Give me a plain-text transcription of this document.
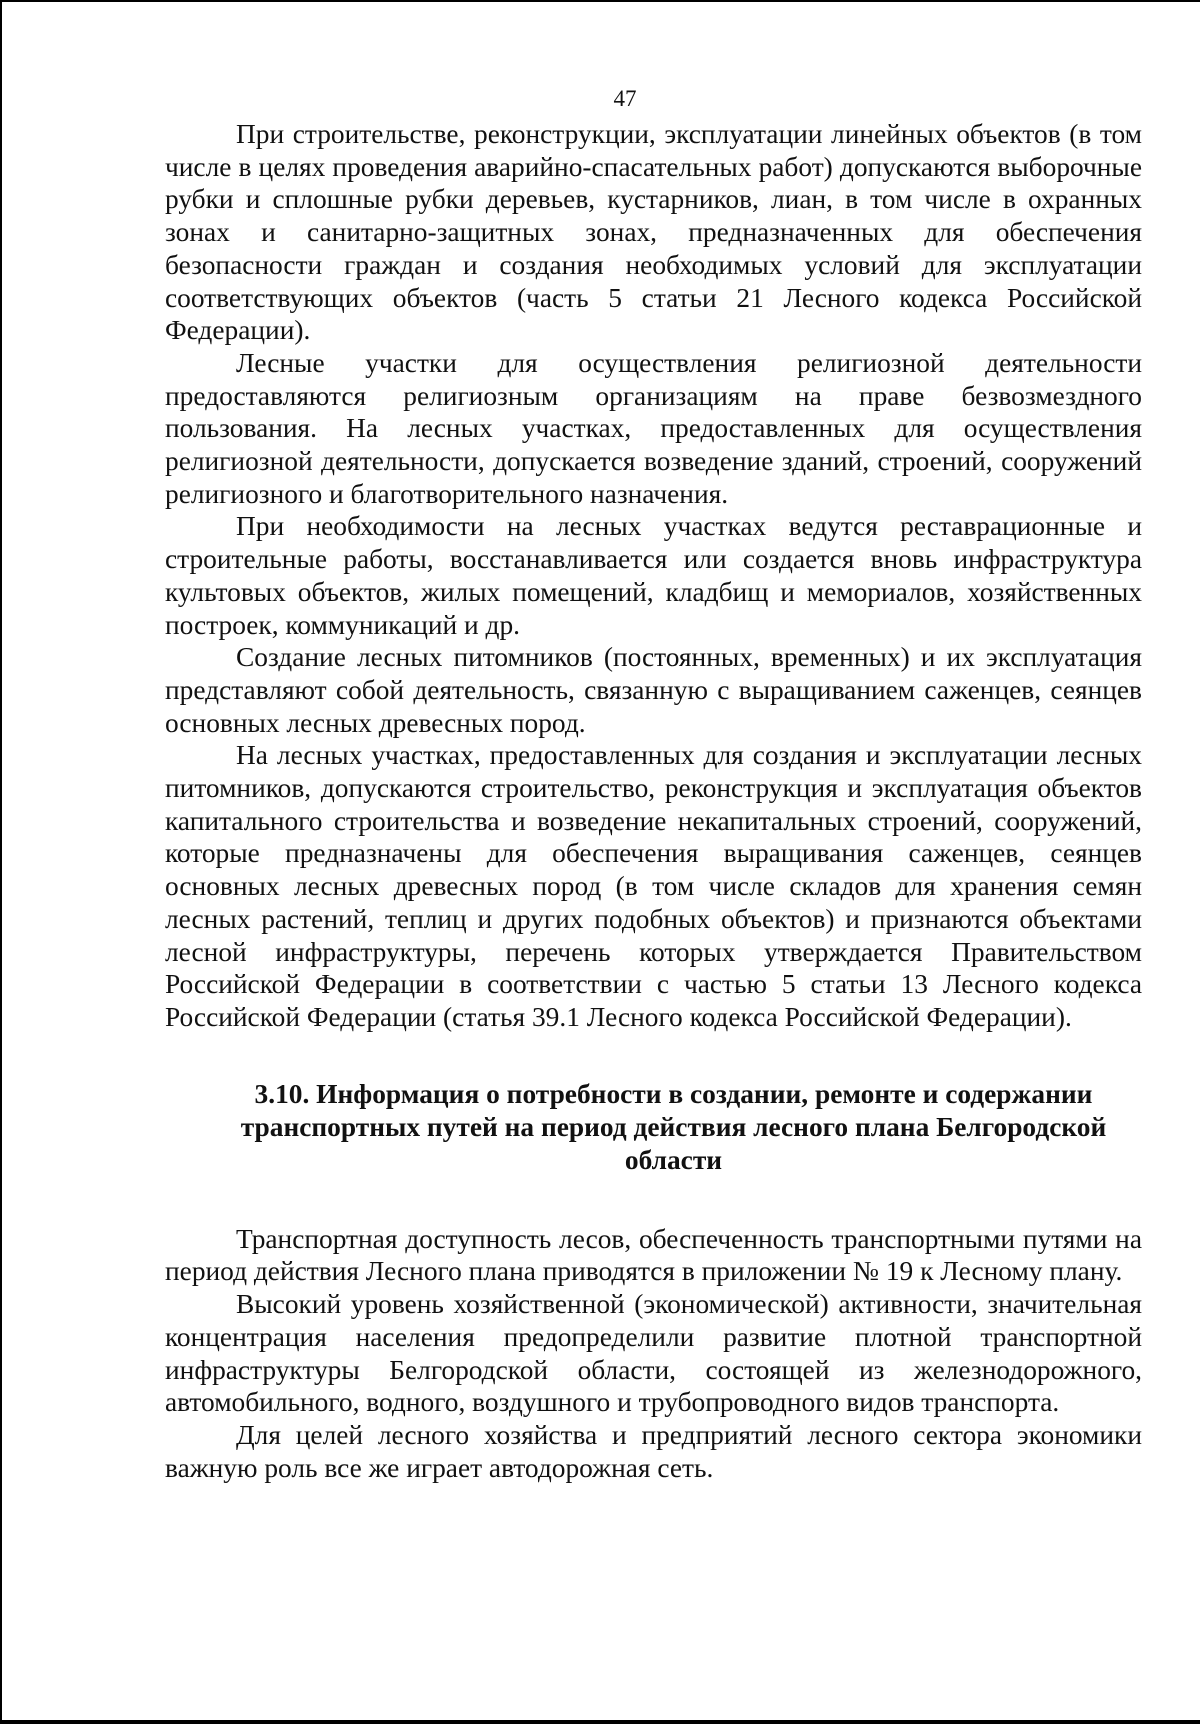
47

При строительстве, реконструкции, эксплуатации линейных объектов (в том числе в целях проведения аварийно-спасательных работ) допускаются выборочные рубки и сплошные рубки деревьев, кустарников, лиан, в том числе в охранных зонах и санитарно-защитных зонах, предназначенных для обеспечения безопасности граждан и создания необходимых условий для эксплуатации соответствующих объектов (часть 5 статьи 21 Лесного кодекса Российской Федерации).

Лесные участки для осуществления религиозной деятельности предоставляются религиозным организациям на праве безвозмездного пользования. На лесных участках, предоставленных для осуществления религиозной деятельности, допускается возведение зданий, строений, сооружений религиозного и благотворительного назначения.

При необходимости на лесных участках ведутся реставрационные и строительные работы, восстанавливается или создается вновь инфраструктура культовых объектов, жилых помещений, кладбищ и мемориалов, хозяйственных построек, коммуникаций и др.

Создание лесных питомников (постоянных, временных) и их эксплуатация представляют собой деятельность, связанную с выращиванием саженцев, сеянцев основных лесных древесных пород.

На лесных участках, предоставленных для создания и эксплуатации лесных питомников, допускаются строительство, реконструкция и эксплуатация объектов капитального строительства и возведение некапитальных строений, сооружений, которые предназначены для обеспечения выращивания саженцев, сеянцев основных лесных древесных пород (в том числе складов для хранения семян лесных растений, теплиц и других подобных объектов) и признаются объектами лесной инфраструктуры, перечень которых утверждается Правительством Российской Федерации в соответствии с частью 5 статьи 13 Лесного кодекса Российской Федерации (статья 39.1 Лесного кодекса Российской Федерации).

3.10. Информация о потребности в создании, ремонте и содержании
транспортных путей на период действия лесного плана Белгородской
области

Транспортная доступность лесов, обеспеченность транспортными путями на период действия Лесного плана приводятся в приложении № 19 к Лесному плану.

Высокий уровень хозяйственной (экономической) активности, значительная концентрация населения предопределили развитие плотной транспортной инфраструктуры Белгородской области, состоящей из железнодорожного, автомобильного, водного, воздушного и трубопроводного видов транспорта.

Для целей лесного хозяйства и предприятий лесного сектора экономики важную роль все же играет автодорожная сеть.
